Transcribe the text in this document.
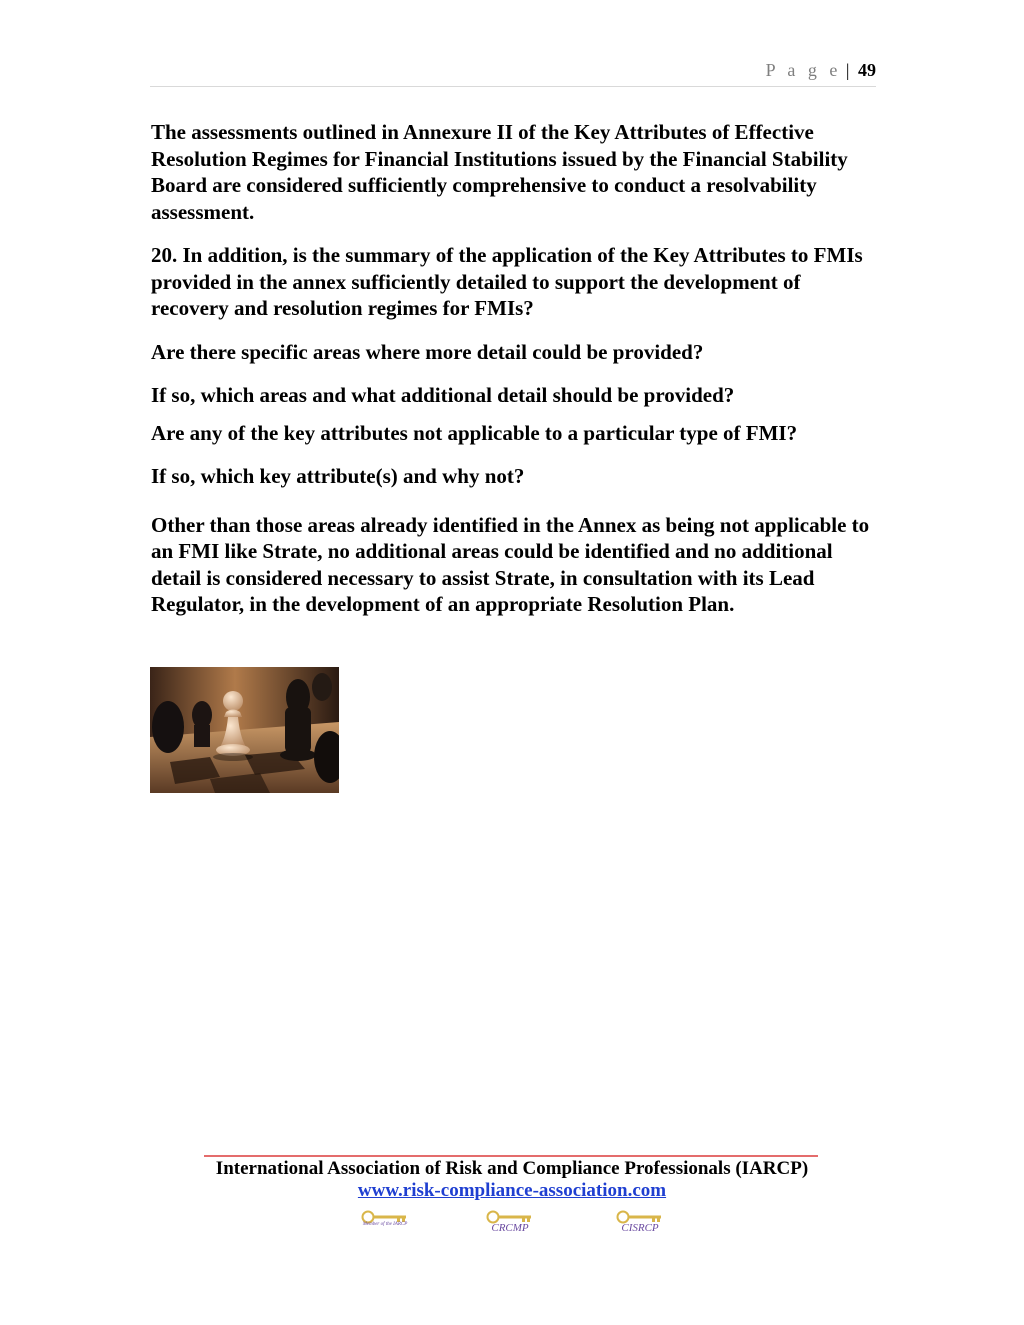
P a g e | 49

The assessments outlined in Annexure II of the Key Attributes of Effective Resolution Regimes for Financial Institutions issued by the Financial Stability Board are considered sufficiently comprehensive to conduct a resolvability assessment.

20. In addition, is the summary of the application of the Key Attributes to FMIs provided in the annex sufficiently detailed to support the development of recovery and resolution regimes for FMIs?

Are there specific areas where more detail could be provided?

If so, which areas and what additional detail should be provided?

Are any of the key attributes not applicable to a particular type of FMI?

If so, which key attribute(s) and why not?

Other than those areas already identified in the Annex as being not applicable to an FMI like Strate, no additional areas could be identified and no additional detail is considered necessary to assist Strate, in consultation with its Lead Regulator, in the development of an appropriate Resolution Plan.

International Association of Risk and Compliance Professionals (IARCP)
www.risk-compliance-association.com
Member of the IARCP	CRCMP	CISRCP
